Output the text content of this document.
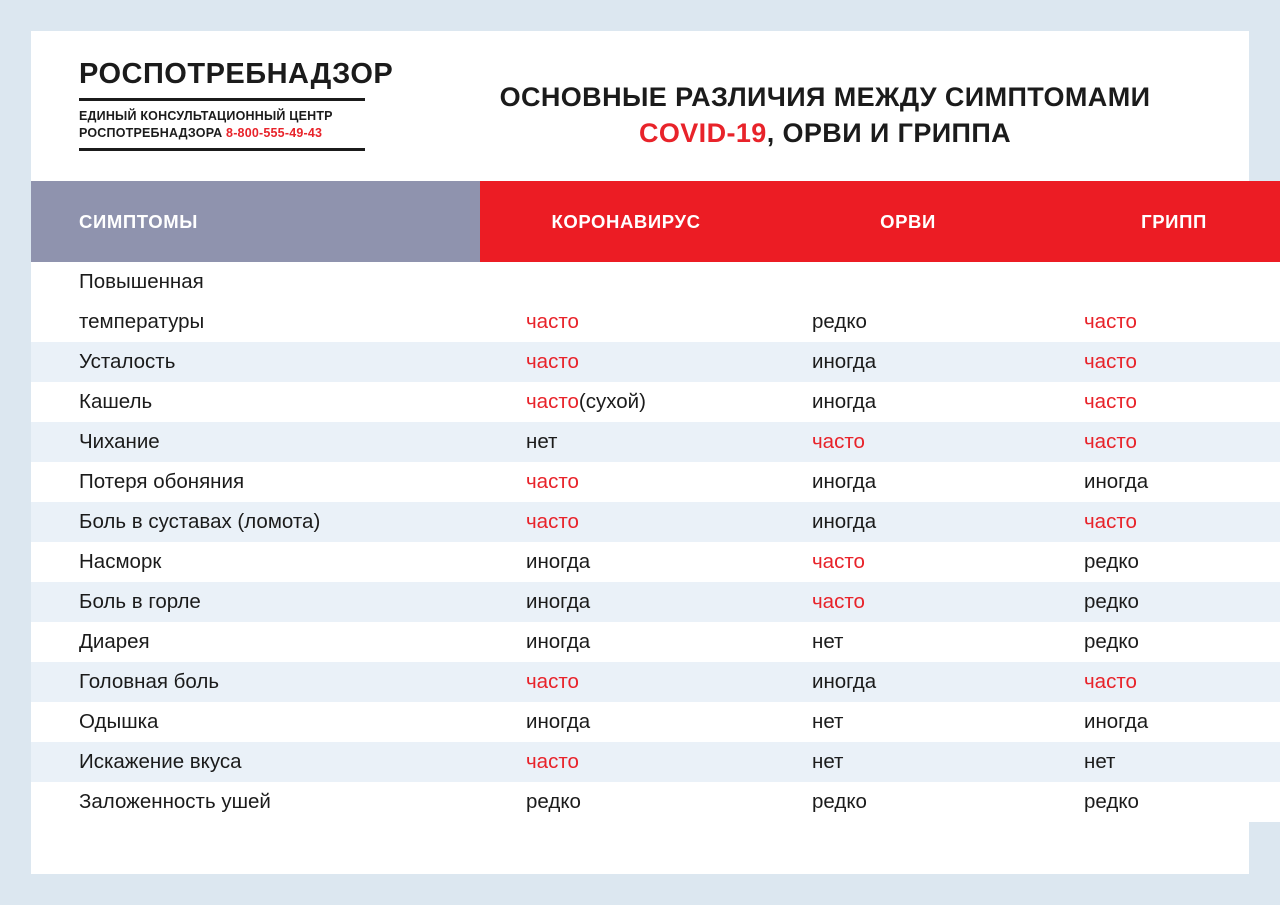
РОСПОТРЕБНАДЗОР
ЕДИНЫЙ КОНСУЛЬТАЦИОННЫЙ ЦЕНТР
РОСПОТРЕБНАДЗОРА 8-800-555-49-43
ОСНОВНЫЕ РАЗЛИЧИЯ МЕЖДУ СИМПТОМАМИ
COVID-19, ОРВИ И ГРИППА
СИМПТОМЫ	КОРОНАВИРУС	ОРВИ	ГРИПП
Повышенная			
температуры	часто	редко	часто
Усталость	часто	иногда	часто
Кашель	часто(сухой)	иногда	часто
Чихание	нет	часто	часто
Потеря обоняния	часто	иногда	иногда
Боль в суставах (ломота)	часто	иногда	часто
Насморк	иногда	часто	редко
Боль в горле	иногда	часто	редко
Диарея	иногда	нет	редко
Головная боль	часто	иногда	часто
Одышка	иногда	нет	иногда
Искажение вкуса	часто	нет	нет
Заложенность ушей	редко	редко	редко
